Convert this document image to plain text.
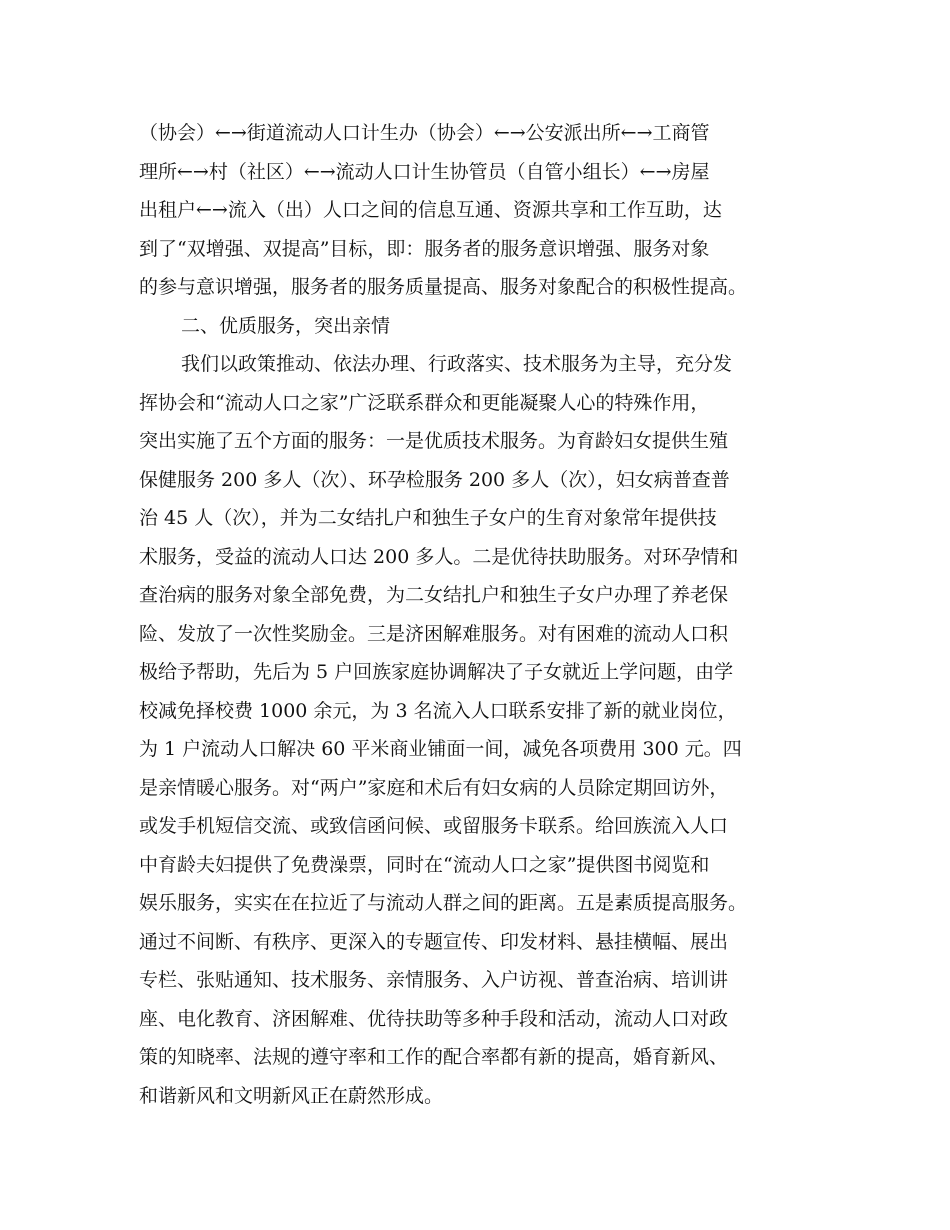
（协会）←→街道流动人口计生办（协会）←→公安派出所←→工商管
理所←→村（社区）←→流动人口计生协管员（自管小组长）←→房屋
出租户←→流入（出）人口之间的信息互通、资源共享和工作互助，达
到了“双增强、双提高”目标，即：服务者的服务意识增强、服务对象
的参与意识增强，服务者的服务质量提高、服务对象配合的积极性提高。
二、优质服务，突出亲情
我们以政策推动、依法办理、行政落实、技术服务为主导，充分发
挥协会和“流动人口之家”广泛联系群众和更能凝聚人心的特殊作用，
突出实施了五个方面的服务：一是优质技术服务。为育龄妇女提供生殖
保健服务 200 多人（次）、环孕检服务 200 多人（次），妇女病普查普
治 45 人（次），并为二女结扎户和独生子女户的生育对象常年提供技
术服务，受益的流动人口达 200 多人。二是优待扶助服务。对环孕情和
查治病的服务对象全部免费，为二女结扎户和独生子女户办理了养老保
险、发放了一次性奖励金。三是济困解难服务。对有困难的流动人口积
极给予帮助，先后为 5 户回族家庭协调解决了子女就近上学问题，由学
校减免择校费 1000 余元，为 3 名流入人口联系安排了新的就业岗位，
为 1 户流动人口解决 60 平米商业铺面一间，减免各项费用 300 元。四
是亲情暖心服务。对“两户”家庭和术后有妇女病的人员除定期回访外，
或发手机短信交流、或致信函问候、或留服务卡联系。给回族流入人口
中育龄夫妇提供了免费澡票，同时在“流动人口之家”提供图书阅览和
娱乐服务，实实在在拉近了与流动人群之间的距离。五是素质提高服务。
通过不间断、有秩序、更深入的专题宣传、印发材料、悬挂横幅、展出
专栏、张贴通知、技术服务、亲情服务、入户访视、普查治病、培训讲
座、电化教育、济困解难、优待扶助等多种手段和活动，流动人口对政
策的知晓率、法规的遵守率和工作的配合率都有新的提高，婚育新风、
和谐新风和文明新风正在蔚然形成。
